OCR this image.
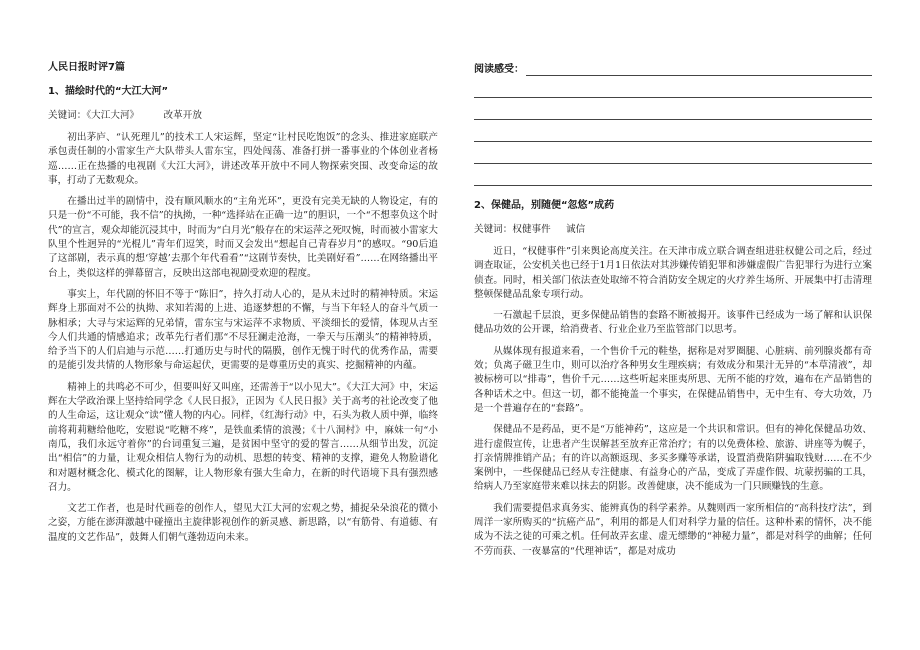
人民日报时评7篇
1、描绘时代的“大江大河”
关键词：《大江大河》	改革开放

初出茅庐、“认死理儿”的技术工人宋运辉，坚定“让村民吃饱饭”的念头、推进家庭联产承包责任制的小雷家生产大队带头人雷东宝，四处闯荡、准备打拼一番事业的个体创业者杨巡……正在热播的电视剧《大江大河》，讲述改革开放中不同人物探索突围、改变命运的故事，打动了无数观众。

在播出过半的剧情中，没有顺风顺水的“主角光环”，更没有完美无缺的人物设定，有的只是一份“不可能，我不信”的执拗，一种“选择站在正确一边”的胆识，一个“不想辜负这个时代”的宣言，观众却能沉浸其中，时而为“白月光”般存在的宋运萍之死叹惋，时而被小雷家大队里个性迥异的“光棍儿”青年们逗笑，时而又会发出“想起自己青春岁月”的感叹。“90后追了这部剧，表示真的想‘穿越’去那个年代看看”“这剧节奏快，比美剧好看”……在网络播出平台上，类似这样的弹幕留言，反映出这部电视剧受欢迎的程度。

事实上，年代剧的怀旧不等于“陈旧”，持久打动人心的，是从未过时的精神特质。宋运辉身上那面对不公的执拗、求知若渴的上进、追逐梦想的不懈，与当下年轻人的奋斗气质一脉相承；大寻与宋运辉的兄弟情，雷东宝与宋运萍不求物质、平淡细长的爱情，体现从古至今人们共通的情感追求；改革先行者们那“不尽狂澜走沧海，一拳天与压潮头”的精神特质，给予当下的人们启迪与示范……打通历史与时代的隔膜，创作无愧于时代的优秀作品，需要的是能引发共情的人物形象与命运起伏，更需要的是尊重历史的真实、挖掘精神的内蕴。

精神上的共鸣必不可少，但要叫好又叫座，还需善于“以小见大”。《大江大河》中，宋运辉在大学政治课上坚持给同学念《人民日报》，正因为《人民日报》关于高考的社论改变了他的人生命运，这让观众“读”懂人物的内心。同样，《红海行动》中，石头为救人质中弹，临终前将莉莉糖给他吃，安慰说“吃糖不疼”，是铁血柔情的浪漫；《十八洞村》中，麻妹一句“小南瓜，我们永远守着你”的台词重复三遍，是贫困中坚守的爱的誓言……从细节出发，沉淀出“相信”的力量，让观众相信人物行为的动机、思想的转变、精神的支撑，避免人物脸谱化和对题材概念化、模式化的图解，让人物形象有强大生命力，在新的时代语境下具有强烈感召力。

文艺工作者，也是时代画卷的创作人，望见大江大河的宏观之势，捕捉朵朵浪花的微小之姿，方能在澎湃激越中碰撞出主旋律影视创作的新灵感、新思路，以“有筋骨、有道德、有温度的文艺作品”，鼓舞人们朝气蓬勃迈向未来。

阅读感受：
2、保健品，别随便“忽悠”成药
关键词：权健事件 诚信

近日，“权健事件”引来舆论高度关注。在天津市成立联合调查组进驻权健公司之后，经过调查取证，公安机关也已经于1月1日依法对其涉嫌传销犯罪和涉嫌虚假广告犯罪行为进行立案侦查。同时，相关部门依法查处取缔不符合消防安全规定的火疗养生场所、开展集中打击清理整顿保健品乱象专项行动。

一石激起千层浪，更多保健品销售的套路不断被揭开。该事件已经成为一场了解和认识保健品功效的公开课，给消费者、行业企业乃至监管部门以思考。

从媒体现有报道来看，一个售价千元的鞋垫，据称是对罗圈腿、心脏病、前列腺炎都有奇效；负离子磁卫生巾，则可以治疗各种男女生理疾病；有效成分和果汁无异的“本草清液”，却被标榜可以“排毒”，售价千元……这些听起来匪夷所思、无所不能的疗效，遍布在产品销售的各种话术之中。但这一切，都不能掩盖一个事实，在保健品销售中，无中生有、夸大功效，乃是一个普遍存在的“套路”。

保健品不是药品，更不是“万能神药”，这应是一个共识和常识。但有的神化保健品功效、进行虚假宣传，让患者产生误解甚至放弃正常治疗；有的以免费体检、旅游、讲座等为幌子，打亲情牌推销产品；有的许以高额返现、多买多赚等承诺，设置消费陷阱骗取钱财……在不少案例中，一些保健品已经从专注健康、有益身心的产品，变成了弄虚作假、坑蒙拐骗的工具，给病人乃至家庭带来难以抹去的阴影。改善健康，决不能成为一门只顾赚钱的生意。

我们需要提倡求真务实、能辨真伪的科学素养。从魏则西一家所相信的“高科技疗法”，到周洋一家所购买的“抗癌产品”，利用的都是人们对科学力量的信任。这种朴素的情怀，决不能成为不法之徒的可乘之机。任何故弄玄虚、虚无缥缈的“神秘力量”，都是对科学的曲解；任何不劳而获、一夜暴富的“代理神话”，都是对成功
